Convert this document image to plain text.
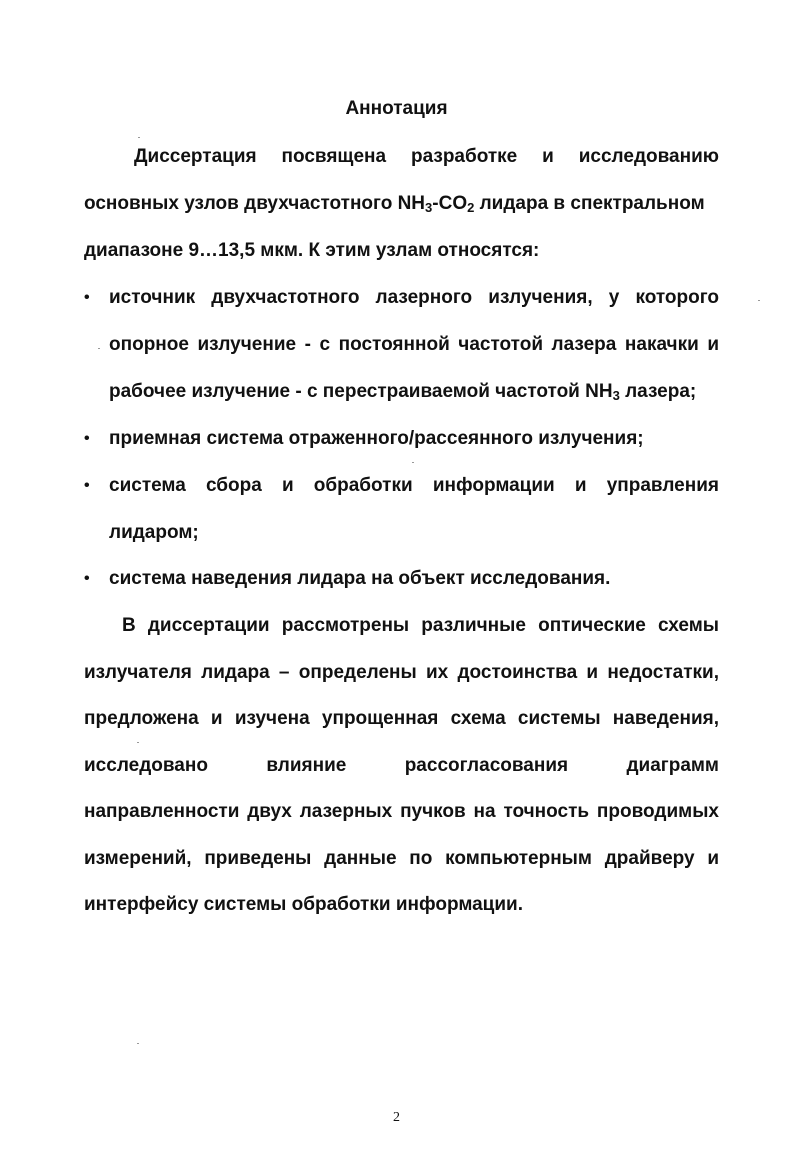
Аннотация
Диссертация посвящена разработке и исследованию
основных узлов двухчастотного $NH_3-CO_2$ лидара в спектральном
диапазоне 9…13,5 мкм. К этим узлам относятся:
• источник двухчастотного лазерного излучения, у которого
опорное излучение - с постоянной частотой лазера накачки и
рабочее излучение - с перестраиваемой частотой $NH_3$ лазера;
• приемная система отраженного/рассеянного излучения;
• система сбора и обработки информации и управления
лидаром;
• система наведения лидара на объект исследования.
В диссертации рассмотрены различные оптические схемы
излучателя лидара – определены их достоинства и недостатки,
предложена и изучена упрощенная схема системы наведения,
исследовано влияние рассогласования диаграмм
направленности двух лазерных пучков на точность проводимых
измерений, приведены данные по компьютерным драйверу и
интерфейсу системы обработки информации.
2
